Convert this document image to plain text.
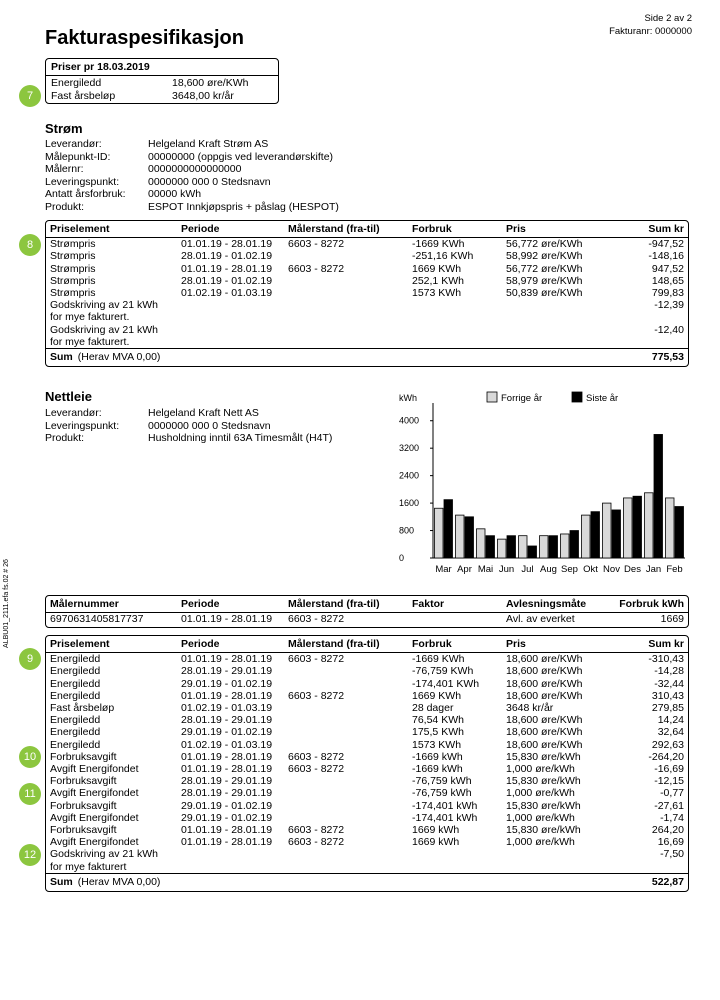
Side 2 av 2
Fakturanr: 0000000
Fakturaspesifikasjon
Priser pr 18.03.2019
Energiledd	18,600 øre/KWh
Fast årsbeløp	3648,00 kr/år
7
Strøm
Leverandør:	Helgeland Kraft Strøm AS
Målepunkt-ID:	00000000 (oppgis ved leverandørskifte)
Målernr:	0000000000000000
Leveringspunkt:	0000000 000 0 Stedsnavn
Antatt årsforbruk:	00000 kWh
Produkt:	ESPOT Innkjøpspris + påslag (HESPOT)
8
Priselement	Periode	Målerstand (fra-til)	Forbruk	Pris	Sum kr
Strømpris	01.01.19 - 28.01.19	6603 - 8272	-1669 KWh	56,772 øre/KWh	-947,52
Strømpris	28.01.19 - 01.02.19		-251,16 KWh	58,992 øre/KWh	-148,16
Strømpris	01.01.19 - 28.01.19	6603 - 8272	1669 KWh	56,772 øre/KWh	947,52
Strømpris	28.01.19 - 01.02.19		252,1 KWh	58,979 øre/KWh	148,65
Strømpris	01.02.19 - 01.03.19		1573 KWh	50,839 øre/KWh	799,83
Godskriving av 21 kWh					-12,39
for mye fakturert.					
Godskriving av 21 kWh					-12,40
for mye fakturert.					
Sum (Herav MVA 0,00)					775,53
Nettleie
Leverandør:	Helgeland Kraft Nett AS
Leveringspunkt:	0000000 000 0 Stedsnavn
Produkt:	Husholdning inntil 63A Timesmålt (H4T)
kWh
0
800
1600
2400
3200
4000
Mar Apr Mai Jun Jul Aug Sep Okt Nov Des Jan Feb
Forrige år	Siste år
Målernummer	Periode	Målerstand (fra-til)	Faktor	Avlesningsmåte	Forbruk kWh
6970631405817737	01.01.19 - 28.01.19	6603 - 8272		Avl. av everket	1669
Priselement	Periode	Målerstand (fra-til)	Forbruk	Pris	Sum kr
Energiledd	01.01.19 - 28.01.19	6603 - 8272	-1669 KWh	18,600 øre/KWh	-310,43
Energiledd	28.01.19 - 29.01.19		-76,759 KWh	18,600 øre/KWh	-14,28
Energiledd	29.01.19 - 01.02.19		-174,401 KWh	18,600 øre/KWh	-32,44
Energiledd	01.01.19 - 28.01.19	6603 - 8272	1669 KWh	18,600 øre/KWh	310,43
Fast årsbeløp	01.02.19 - 01.03.19		28 dager	3648 kr/år	279,85
Energiledd	28.01.19 - 29.01.19		76,54 KWh	18,600 øre/KWh	14,24
Energiledd	29.01.19 - 01.02.19		175,5 KWh	18,600 øre/KWh	32,64
Energiledd	01.02.19 - 01.03.19		1573 KWh	18,600 øre/KWh	292,63
Forbruksavgift	01.01.19 - 28.01.19	6603 - 8272	-1669 kWh	15,830 øre/kWh	-264,20
Avgift Energifondet	01.01.19 - 28.01.19	6603 - 8272	-1669 kWh	1,000 øre/kWh	-16,69
Forbruksavgift	28.01.19 - 29.01.19		-76,759 kWh	15,830 øre/kWh	-12,15
Avgift Energifondet	28.01.19 - 29.01.19		-76,759 kWh	1,000 øre/kWh	-0,77
Forbruksavgift	29.01.19 - 01.02.19		-174,401 kWh	15,830 øre/kWh	-27,61
Avgift Energifondet	29.01.19 - 01.02.19		-174,401 kWh	1,000 øre/kWh	-1,74
Forbruksavgift	01.01.19 - 28.01.19	6603 - 8272	1669 kWh	15,830 øre/kWh	264,20
Avgift Energifondet	01.01.19 - 28.01.19	6603 - 8272	1669 kWh	1,000 øre/kWh	16,69
Godskriving av 21 kWh					-7,50
for mye fakturert					
Sum (Herav MVA 0,00)					522,87
9
10
11
12
ALBU01_2111.efa fs.02 # 26
